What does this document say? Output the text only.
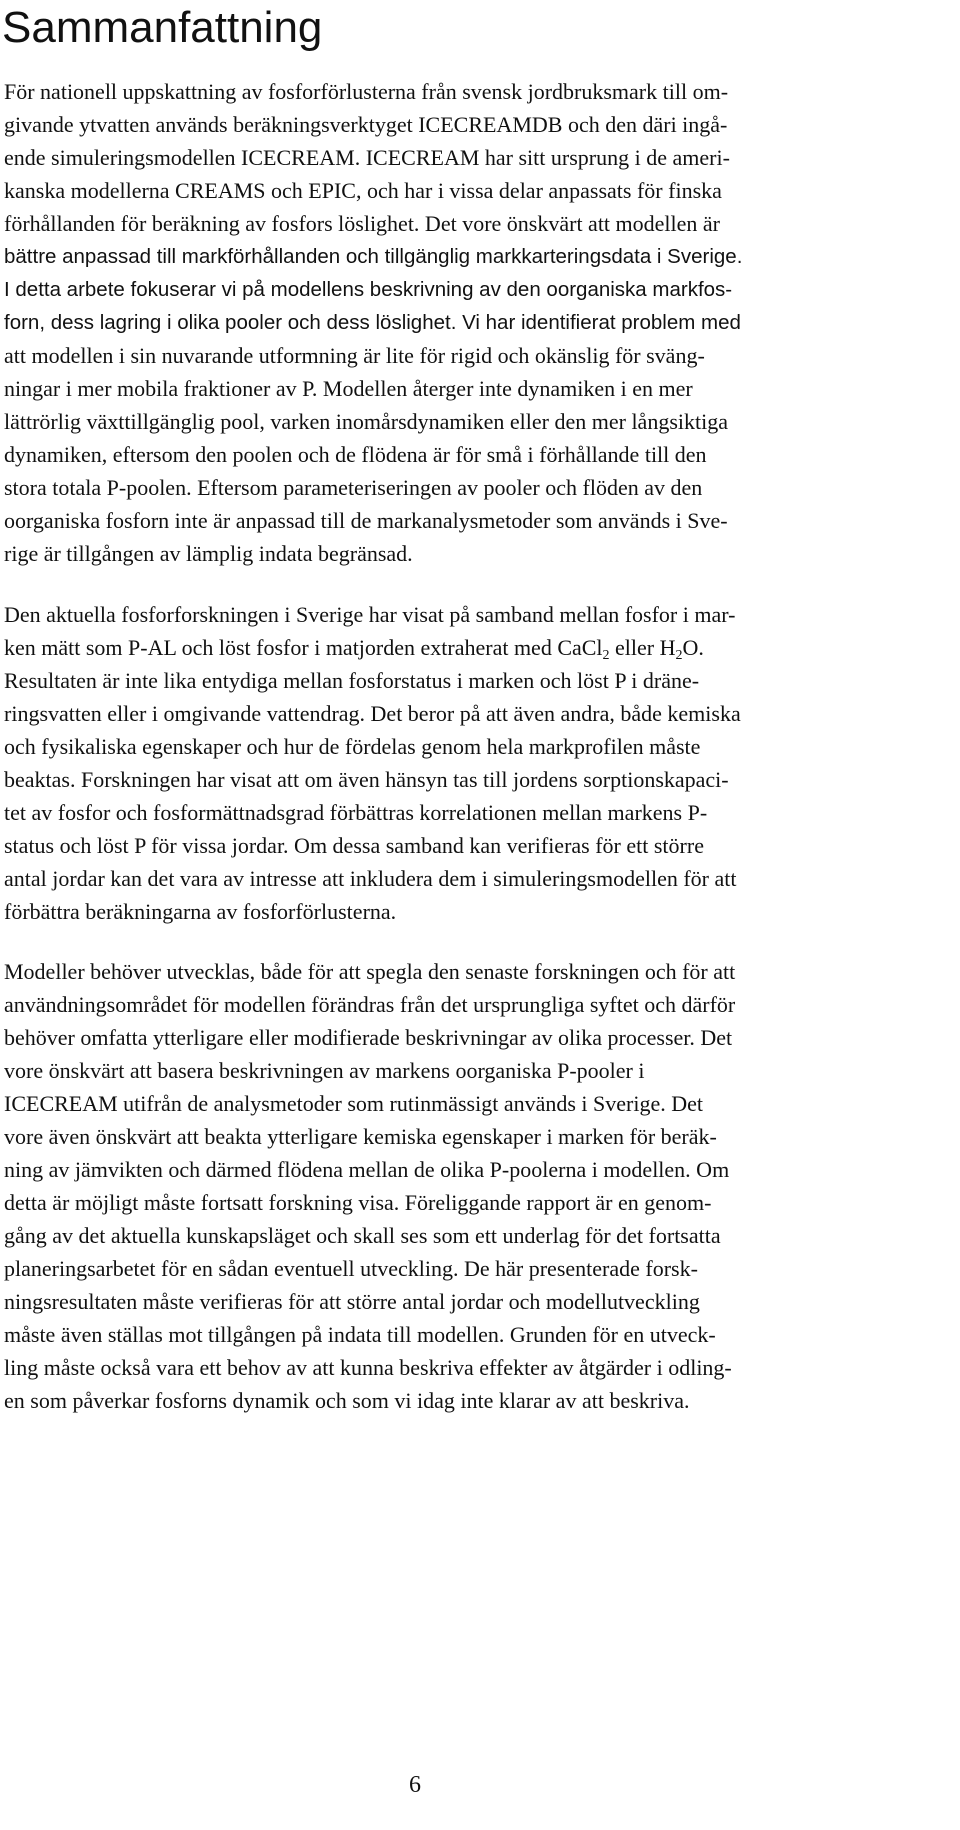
Sammanfattning

För nationell uppskattning av fosforförlusterna från svensk jordbruksmark till om-
givande ytvatten används beräkningsverktyget ICECREAMDB och den däri ingå-
ende simuleringsmodellen ICECREAM. ICECREAM har sitt ursprung i de ameri-
kanska modellerna CREAMS och EPIC, och har i vissa delar anpassats för finska
förhållanden för beräkning av fosfors löslighet. Det vore önskvärt att modellen är
bättre anpassad till markförhållanden och tillgänglig markkarteringsdata i Sverige.
I detta arbete fokuserar vi på modellens beskrivning av den oorganiska markfos-
forn, dess lagring i olika pooler och dess löslighet. Vi har identifierat problem med
att modellen i sin nuvarande utformning är lite för rigid och okänslig för sväng-
ningar i mer mobila fraktioner av P. Modellen återger inte dynamiken i en mer
lättrörlig växttillgänglig pool, varken inomårsdynamiken eller den mer långsiktiga
dynamiken, eftersom den poolen och de flödena är för små i förhållande till den
stora totala P-poolen. Eftersom parameteriseringen av pooler och flöden av den
oorganiska fosforn inte är anpassad till de markanalysmetoder som används i Sve-
rige är tillgången av lämplig indata begränsad.

Den aktuella fosforforskningen i Sverige har visat på samband mellan fosfor i mar-
ken mätt som P-AL och löst fosfor i matjorden extraherat med CaCl$_2$ eller $H_2O$.
Resultaten är inte lika entydiga mellan fosforstatus i marken och löst P i dräne-
ringsvatten eller i omgivande vattendrag. Det beror på att även andra, både kemiska
och fysikaliska egenskaper och hur de fördelas genom hela markprofilen måste
beaktas. Forskningen har visat att om även hänsyn tas till jordens sorptionskapaci-
tet av fosfor och fosformättnadsgrad förbättras korrelationen mellan markens P-
status och löst P för vissa jordar. Om dessa samband kan verifieras för ett större
antal jordar kan det vara av intresse att inkludera dem i simuleringsmodellen för att
förbättra beräkningarna av fosforförlusterna.

Modeller behöver utvecklas, både för att spegla den senaste forskningen och för att
användningsområdet för modellen förändras från det ursprungliga syftet och därför
behöver omfatta ytterligare eller modifierade beskrivningar av olika processer. Det
vore önskvärt att basera beskrivningen av markens oorganiska P-pooler i
ICECREAM utifrån de analysmetoder som rutinmässigt används i Sverige. Det
vore även önskvärt att beakta ytterligare kemiska egenskaper i marken för beräk-
ning av jämvikten och därmed flödena mellan de olika P-poolerna i modellen. Om
detta är möjligt måste fortsatt forskning visa. Föreliggande rapport är en genom-
gång av det aktuella kunskapsläget och skall ses som ett underlag för det fortsatta
planeringsarbetet för en sådan eventuell utveckling. De här presenterade forsk-
ningsresultaten måste verifieras för att större antal jordar och modellutveckling
måste även ställas mot tillgången på indata till modellen. Grunden för en utveck-
ling måste också vara ett behov av att kunna beskriva effekter av åtgärder i odling-
en som påverkar fosforns dynamik och som vi idag inte klarar av att beskriva.

6
